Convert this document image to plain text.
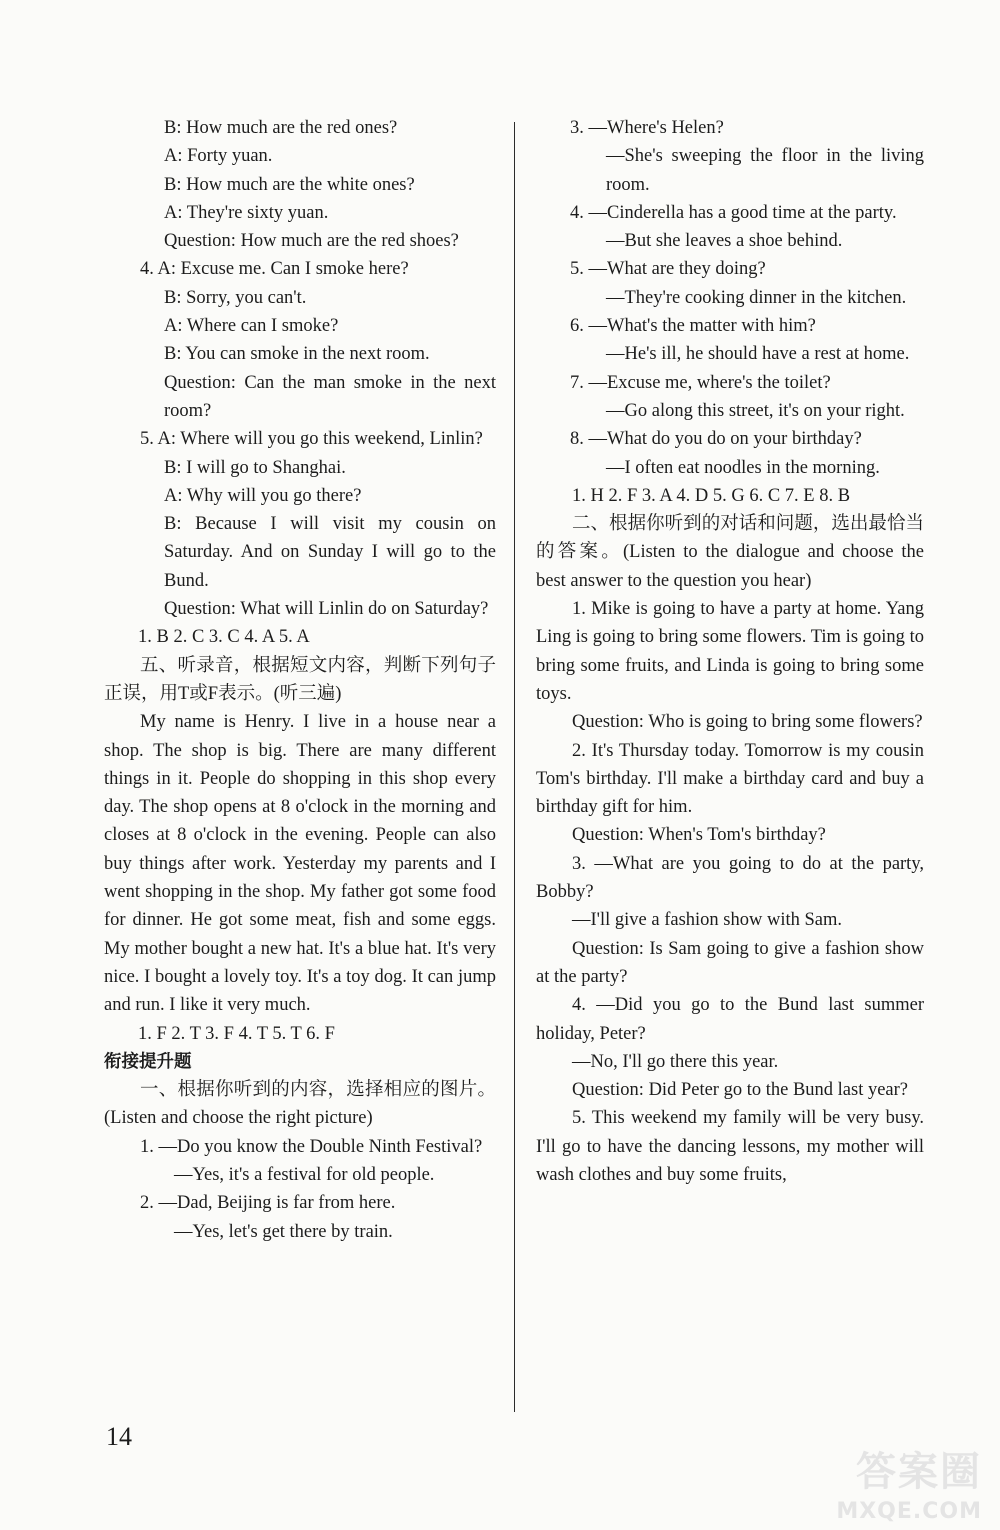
B: How much are the red ones?

A: Forty yuan.

B: How much are the white ones?

A: They're sixty yuan.

Question: How much are the red shoes?

4. A: Excuse me. Can I smoke here?

B: Sorry, you can't.

A: Where can I smoke?

B: You can smoke in the next room.

Question: Can the man smoke in the next room?

5. A: Where will you go this weekend, Linlin?

B: I will go to Shanghai.

A: Why will you go there?

B: Because I will visit my cousin on Saturday. And on Sunday I will go to the Bund.

Question: What will Linlin do on Saturday?

1. B 2. C 3. C 4. A 5. A

五、听录音，根据短文内容，判断下列句子正误，用T或F表示。(听三遍)

My name is Henry. I live in a house near a shop. The shop is big. There are many different things in it. People do shopping in this shop every day. The shop opens at 8 o'clock in the morning and closes at 8 o'clock in the evening. People can also buy things after work. Yesterday my parents and I went shopping in the shop. My father got some food for dinner. He got some meat, fish and some eggs. My mother bought a new hat. It's a blue hat. It's very nice. I bought a lovely toy. It's a toy dog. It can jump and run. I like it very much.

1. F 2. T 3. F 4. T 5. T 6. F

衔接提升题

一、根据你听到的内容，选择相应的图片。(Listen and choose the right picture)

1. —Do you know the Double Ninth Festival?

—Yes, it's a festival for old people.

2. —Dad, Beijing is far from here.

—Yes, let's get there by train.

3. —Where's Helen?

—She's sweeping the floor in the living room.

4. —Cinderella has a good time at the party.

—But she leaves a shoe behind.

5. —What are they doing?

—They're cooking dinner in the kitchen.

6. —What's the matter with him?

—He's ill, he should have a rest at home.

7. —Excuse me, where's the toilet?

—Go along this street, it's on your right.

8. —What do you do on your birthday?

—I often eat noodles in the morning.

1. H 2. F 3. A 4. D 5. G 6. C 7. E 8. B

二、根据你听到的对话和问题，选出最恰当的答案。(Listen to the dialogue and choose the best answer to the question you hear)

1. Mike is going to have a party at home. Yang Ling is going to bring some flowers. Tim is going to bring some fruits, and Linda is going to bring some toys.

Question: Who is going to bring some flowers?

2. It's Thursday today. Tomorrow is my cousin Tom's birthday. I'll make a birthday card and buy a birthday gift for him.

Question: When's Tom's birthday?

3. —What are you going to do at the party, Bobby?

—I'll give a fashion show with Sam.

Question: Is Sam going to give a fashion show at the party?

4. —Did you go to the Bund last summer holiday, Peter?

—No, I'll go there this year.

Question: Did Peter go to the Bund last year?

5. This weekend my family will be very busy. I'll go to have the dancing lessons, my mother will wash clothes and buy some fruits,

14
答案圈
MXQE.COM
